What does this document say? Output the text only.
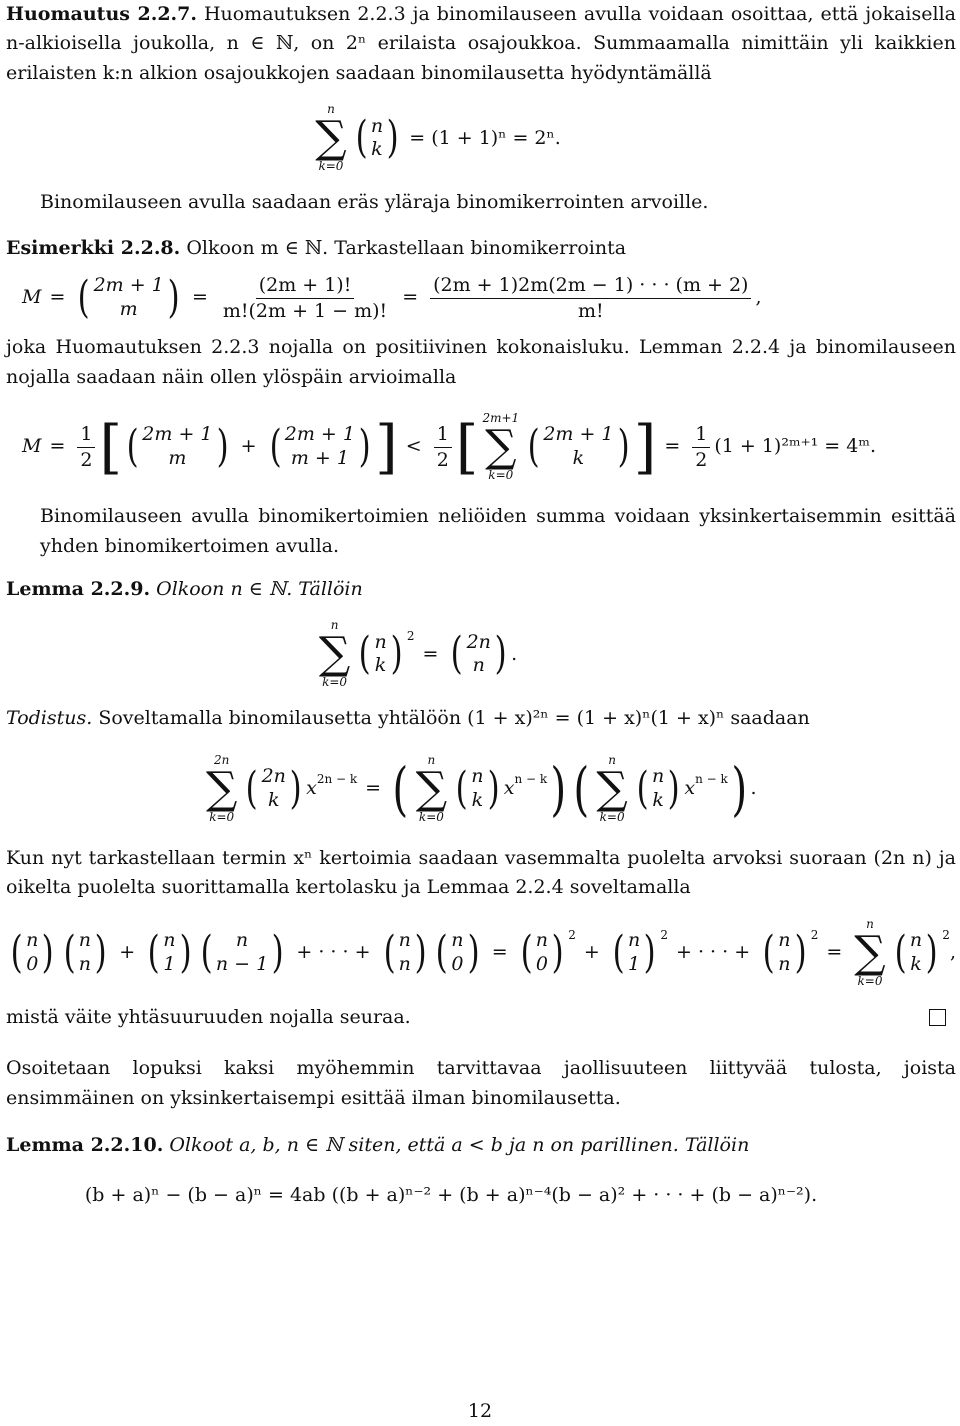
Huomautus 2.2.7. Huomautuksen 2.2.3 ja binomilauseen avulla voidaan osoittaa, että jokaisella n-alkioisella joukolla, n ∈ ℕ, on 2ⁿ erilaista osajoukkoa. Summaamalla nimittäin yli kaikkien erilaisten k:n alkion osajoukkojen saadaan binomilausetta hyödyntämällä

n
∑
k=0
( n
k ) = (1 + 1)ⁿ = 2ⁿ.

Binomilauseen avulla saadaan eräs yläraja binomikerrointen arvoille.

Esimerkki 2.2.8. Olkoon m ∈ ℕ. Tarkastellaan binomikerrointa

M = ( 2m + 1
m ) = $\frac{(2m + 1)!}{m!(2m + 1 - m)!} = \frac{(2m + 1)2m(2m - 1) \cdot \cdot \cdot (m + 2)}{m!}$ ,

joka Huomautuksen 2.2.3 nojalla on positiivinen kokonaisluku. Lemman 2.2.4 ja binomilauseen nojalla saadaan näin ollen ylöspäin arvioimalla

$M = \frac{1}{2}$ [ ( 2m + 1
m ) + ( 2m + 1
m + 1 ) ] < $\frac{1}{2}$ [ 2m+1
∑
k=0
( 2m + 1
k ) ] = $\frac{1}{2} (1$ + 1)²ᵐ⁺¹ = 4ᵐ.

Binomilauseen avulla binomikertoimien neliöiden summa voidaan yksinkertaisemmin esittää yhden binomikertoimen avulla.

Lemma 2.2.9. Olkoon n ∈ ℕ. Tällöin

n
∑
k=0
( n
k ) $^2$
= ( 2n
n ) .

Todistus. Soveltamalla binomilausetta yhtälöön (1 + x)²ⁿ = (1 + x)ⁿ(1 + x)ⁿ saadaan

2n
∑
k=0
( 2n
k ) $x^{2n - k}$ = ( n
∑
k=0
( n
k ) $x^{n - k}$ ) ( n
∑
k=0
( n
k ) $x^{n - k}$ ) .

Kun nyt tarkastellaan termin xⁿ kertoimia saadaan vasemmalta puolelta arvoksi suoraan (2n n) ja oikelta puolelta suorittamalla kertolasku ja Lemmaa 2.2.4 soveltamalla

( n
0 ) ( n
n ) + ( n
1 ) ( n
n − 1 ) + · · · + ( n
n ) ( n
0 ) = ( n
0 ) $^2$
+ ( n
1 ) $^2$
+ · · · + ( n
n ) $^2$
=
n
∑
k=0
( n
k ) $^2$
,

mistä väite yhtäsuuruuden nojalla seuraa.

Osoitetaan lopuksi kaksi myöhemmin tarvittavaa jaollisuuteen liittyvää tulosta, joista ensimmäinen on yksinkertaisempi esittää ilman binomilausetta.

Lemma 2.2.10. Olkoot a, b, n ∈ ℕ siten, että a < b ja n on parillinen. Tällöin

(b + a)ⁿ − (b − a)ⁿ = 4ab ((b + a)ⁿ⁻² + (b + a)ⁿ⁻⁴(b − a)² + · · · + (b − a)ⁿ⁻²).
12
